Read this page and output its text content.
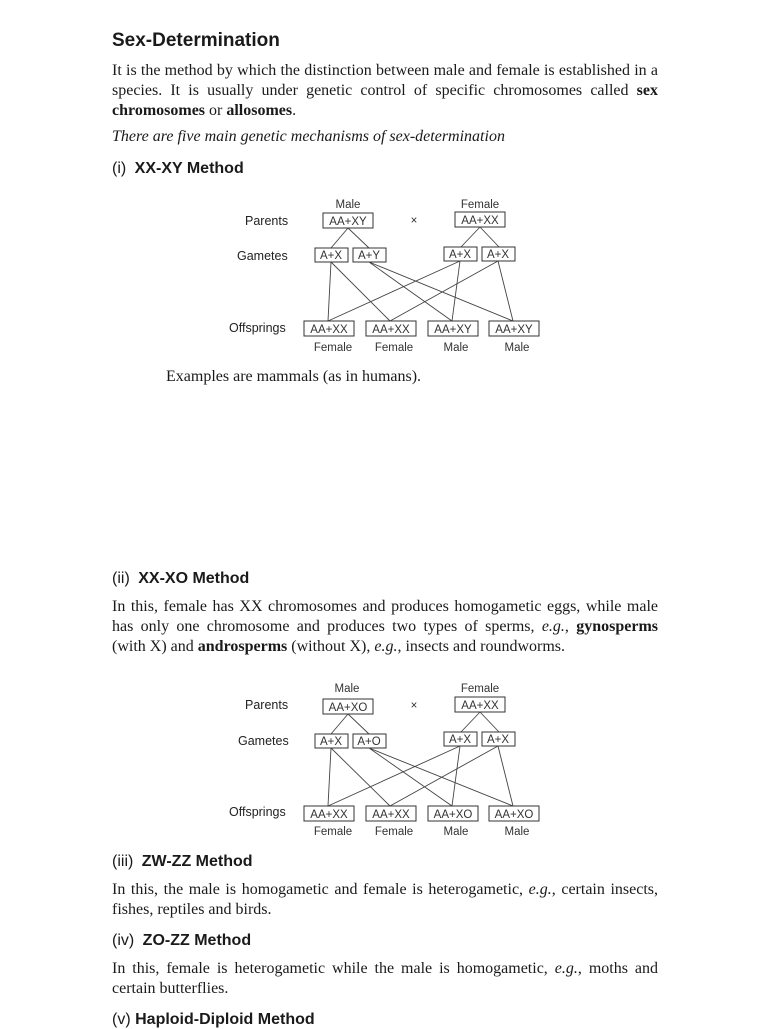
Sex-Determination
It is the method by which the distinction between male and female is established in a species. It is usually under genetic control of specific chromosomes called sex chromosomes or allosomes.
There are five main genetic mechanisms of sex-determination
(i) XX-XY Method
Parents
Gametes
Offsprings
Male	Female
AA+XY	×	AA+XX
A+X A+Y	A+X A+X
AA+XX AA+XX AA+XY AA+XY
Female Female	Male	Male
Examples are mammals (as in humans).
(ii) XX-XO Method
In this, female has XX chromosomes and produces homogametic eggs, while male has only one chromosome and produces two types of sperms, e.g., gynosperms (with X) and androsperms (without X), e.g., insects and roundworms.
Parents
Gametes
Offsprings
Male	Female
AA+XO	×	AA+XX
A+X A+O	A+X A+X
AA+XX AA+XX AA+XO AA+XO
Female Female	Male	Male
(iii) ZW-ZZ Method
In this, the male is homogametic and female is heterogametic, e.g., certain insects, fishes, reptiles and birds.
(iv) ZO-ZZ Method
In this, female is heterogametic while the male is homogametic, e.g., moths and certain butterflies.
(v) Haploid-Diploid Method
